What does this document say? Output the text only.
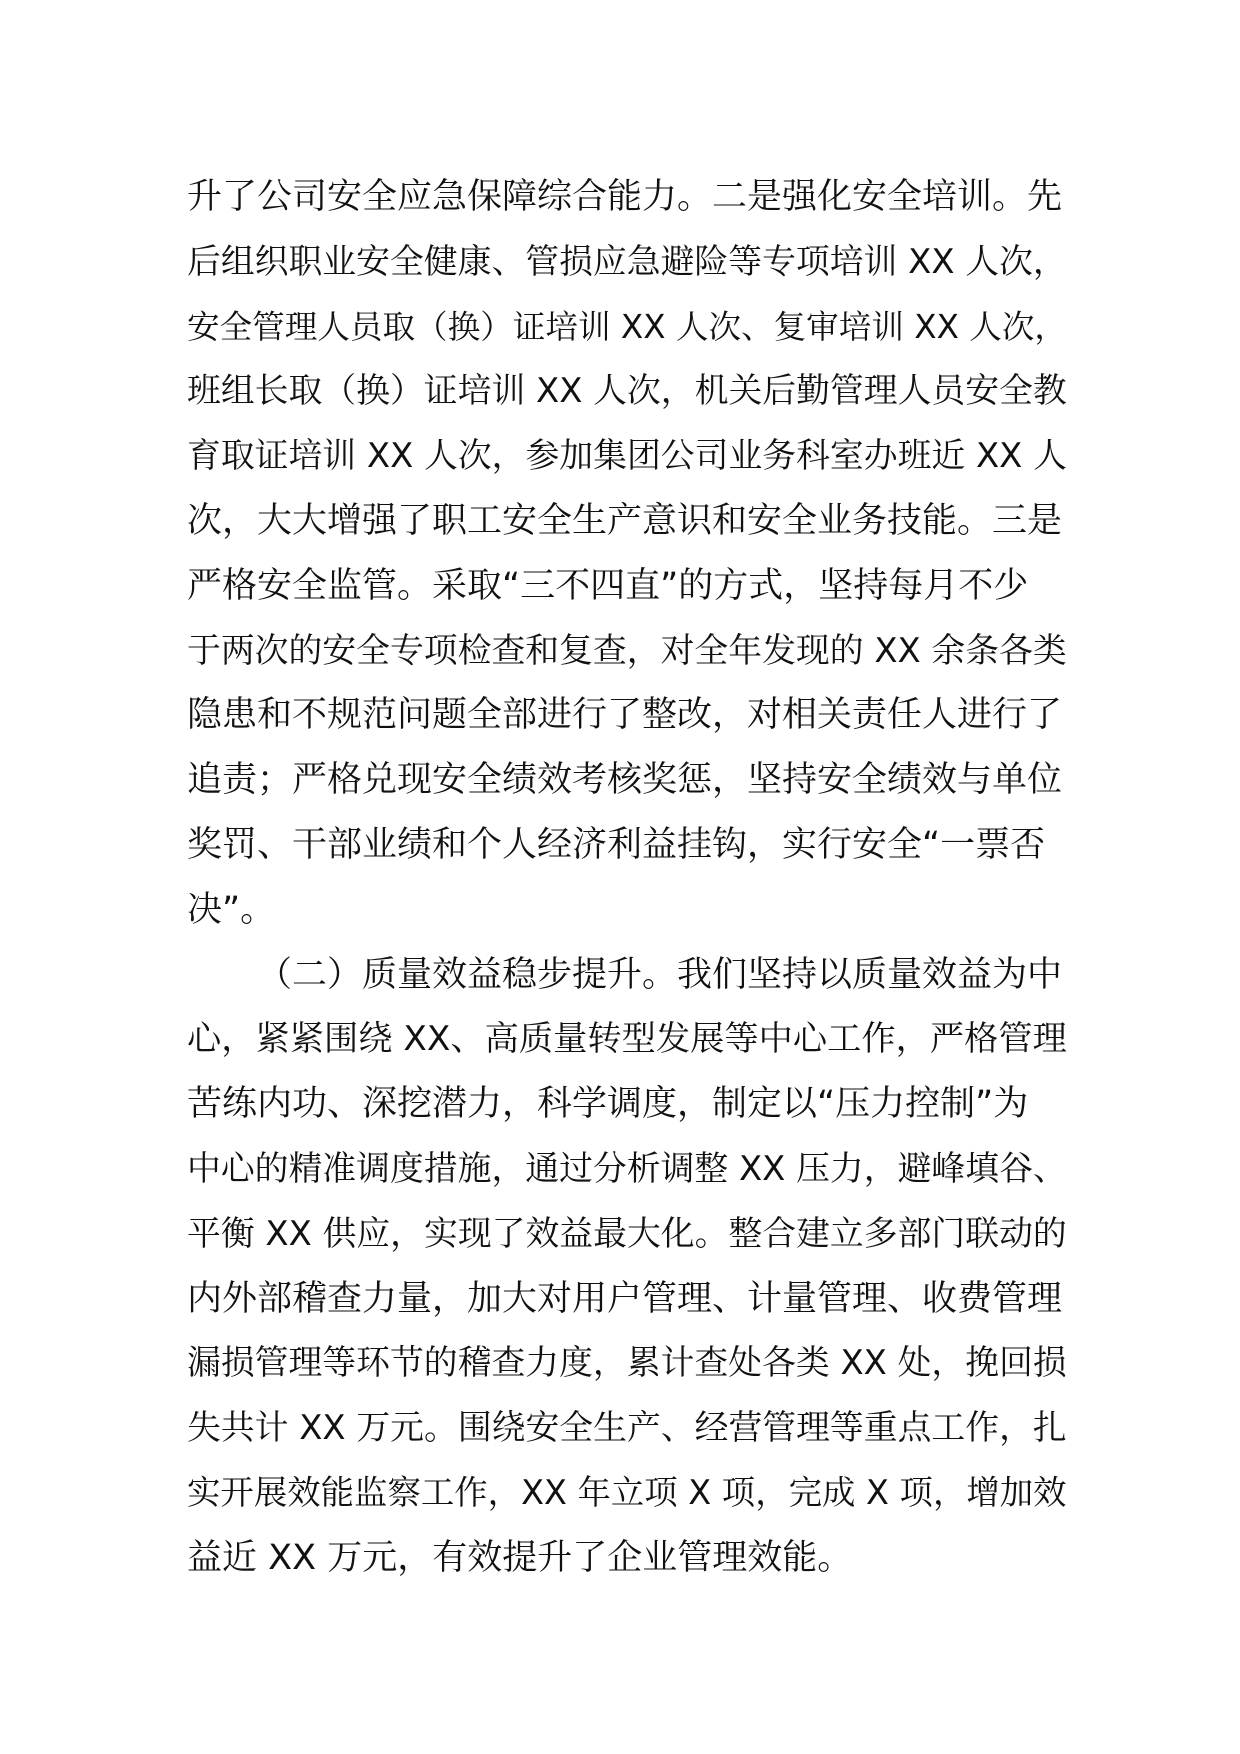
升了公司安全应急保障综合能力。二是强化安全培训。先
后组织职业安全健康、管损应急避险等专项培训 XX 人次，
安全管理人员取（换）证培训 XX 人次、复审培训 XX 人次，
班组长取（换）证培训 XX 人次，机关后勤管理人员安全教
育取证培训 XX 人次，参加集团公司业务科室办班近 XX 人
次，大大增强了职工安全生产意识和安全业务技能。三是
严格安全监管。采取“三不四直”的方式，坚持每月不少
于两次的安全专项检查和复查，对全年发现的 XX 余条各类
隐患和不规范问题全部进行了整改，对相关责任人进行了
追责；严格兑现安全绩效考核奖惩，坚持安全绩效与单位
奖罚、干部业绩和个人经济利益挂钩，实行安全“一票否
决”。
（二）质量效益稳步提升。我们坚持以质量效益为中
心，紧紧围绕 XX、高质量转型发展等中心工作，严格管理
苦练内功、深挖潜力，科学调度，制定以“压力控制”为
中心的精准调度措施，通过分析调整 XX 压力，避峰填谷、
平衡 XX 供应，实现了效益最大化。整合建立多部门联动的
内外部稽查力量，加大对用户管理、计量管理、收费管理
漏损管理等环节的稽查力度，累计查处各类 XX 处，挽回损
失共计 XX 万元。围绕安全生产、经营管理等重点工作，扎
实开展效能监察工作，XX 年立项 X 项，完成 X 项，增加效
益近 XX 万元，有效提升了企业管理效能。
